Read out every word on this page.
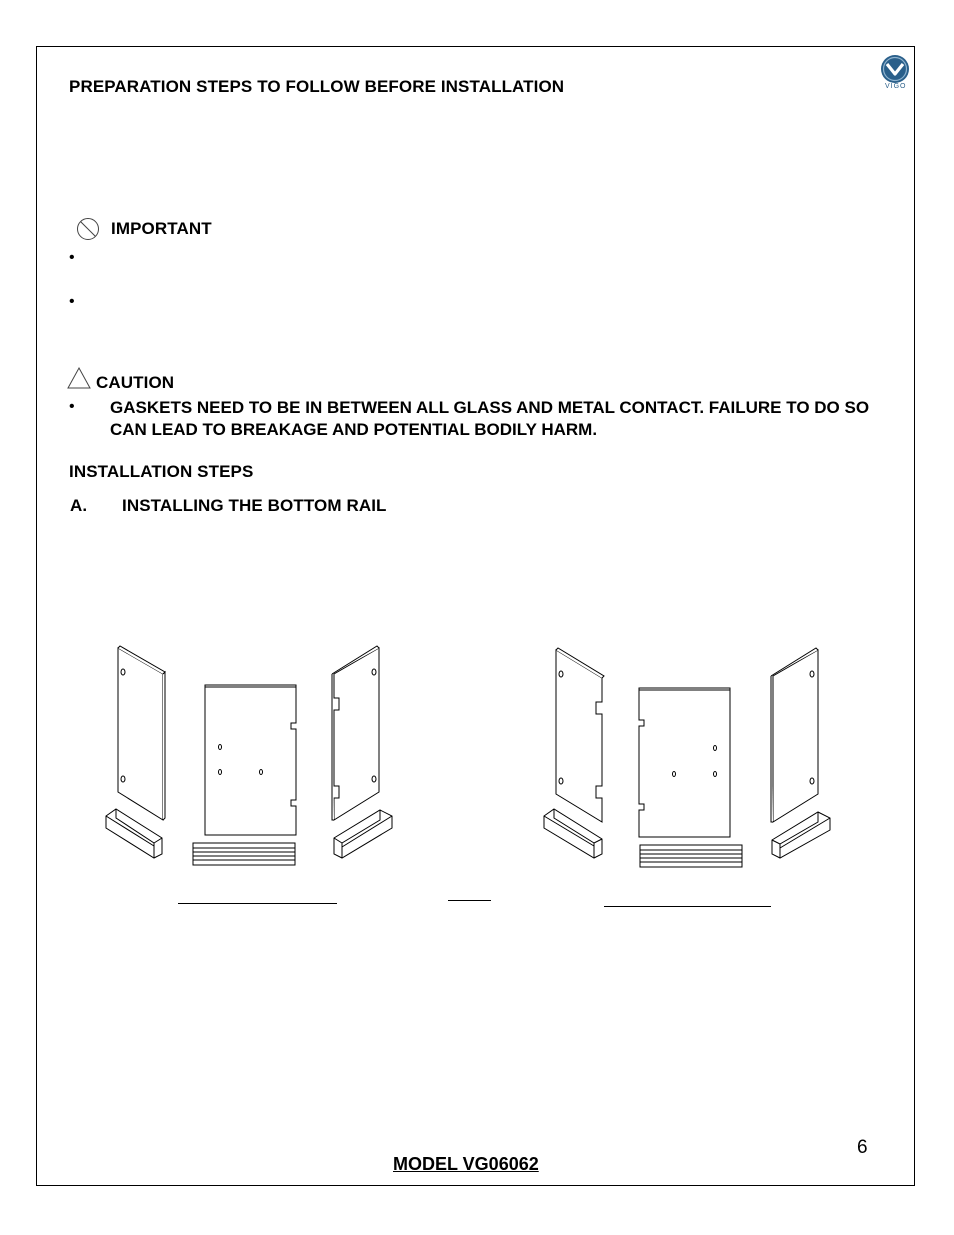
VIGO
PREPARATION STEPS TO FOLLOW BEFORE INSTALLATION
IMPORTANT
•
•
CAUTION
• GASKETS NEED TO BE IN BETWEEN ALL GLASS AND METAL CONTACT. FAILURE TO DO SO CAN LEAD TO BREAKAGE AND POTENTIAL BODILY HARM.
INSTALLATION STEPS
A. INSTALLING THE BOTTOM RAIL
6
MODEL VG06062
